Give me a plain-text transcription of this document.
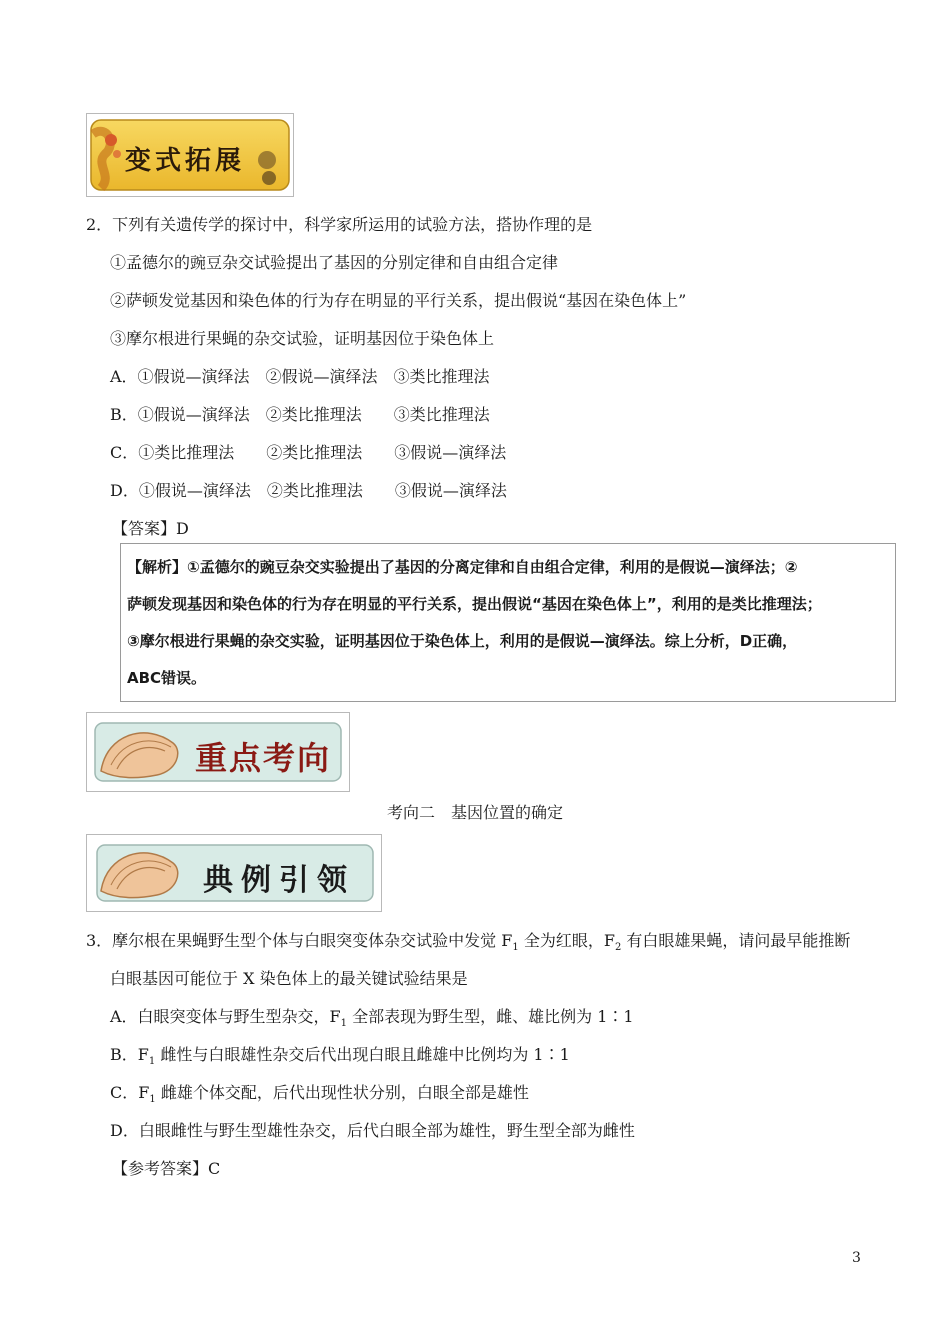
变式拓展
2．下列有关遗传学的探讨中，科学家所运用的试验方法，搭协作理的是
①孟德尔的豌豆杂交试验提出了基因的分别定律和自由组合定律
②萨顿发觉基因和染色体的行为存在明显的平行关系，提出假说“基因在染色体上”
③摩尔根进行果蝇的杂交试验，证明基因位于染色体上
A．①假说—演绎法　②假说—演绎法　③类比推理法
B．①假说—演绎法　②类比推理法　　③类比推理法
C．①类比推理法　　②类比推理法　　③假说—演绎法
D．①假说—演绎法　②类比推理法　　③假说—演绎法
【答案】D
【解析】①孟德尔的豌豆杂交实验提出了基因的分离定律和自由组合定律，利用的是假说—演绎法；②
萨顿发现基因和染色体的行为存在明显的平行关系，提出假说“基因在染色体上”，利用的是类比推理法；
③摩尔根进行果蝇的杂交实验，证明基因位于染色体上，利用的是假说—演绎法。综上分析，D正确，
ABC错误。
重点考向
考向二　基因位置的确定
典例引领
3．摩尔根在果蝇野生型个体与白眼突变体杂交试验中发觉 $F_1$ 全为红眼，$F_2$ 有白眼雄果蝇，请问最早能推断
白眼基因可能位于 X 染色体上的最关键试验结果是
A．白眼突变体与野生型杂交，$F_1$ 全部表现为野生型，雌、雄比例为 1∶1
B．$F_1$ 雌性与白眼雄性杂交后代出现白眼且雌雄中比例均为 1∶1
C．$F_1$ 雌雄个体交配，后代出现性状分别，白眼全部是雄性
D．白眼雌性与野生型雄性杂交，后代白眼全部为雄性，野生型全部为雌性
【参考答案】C
3
